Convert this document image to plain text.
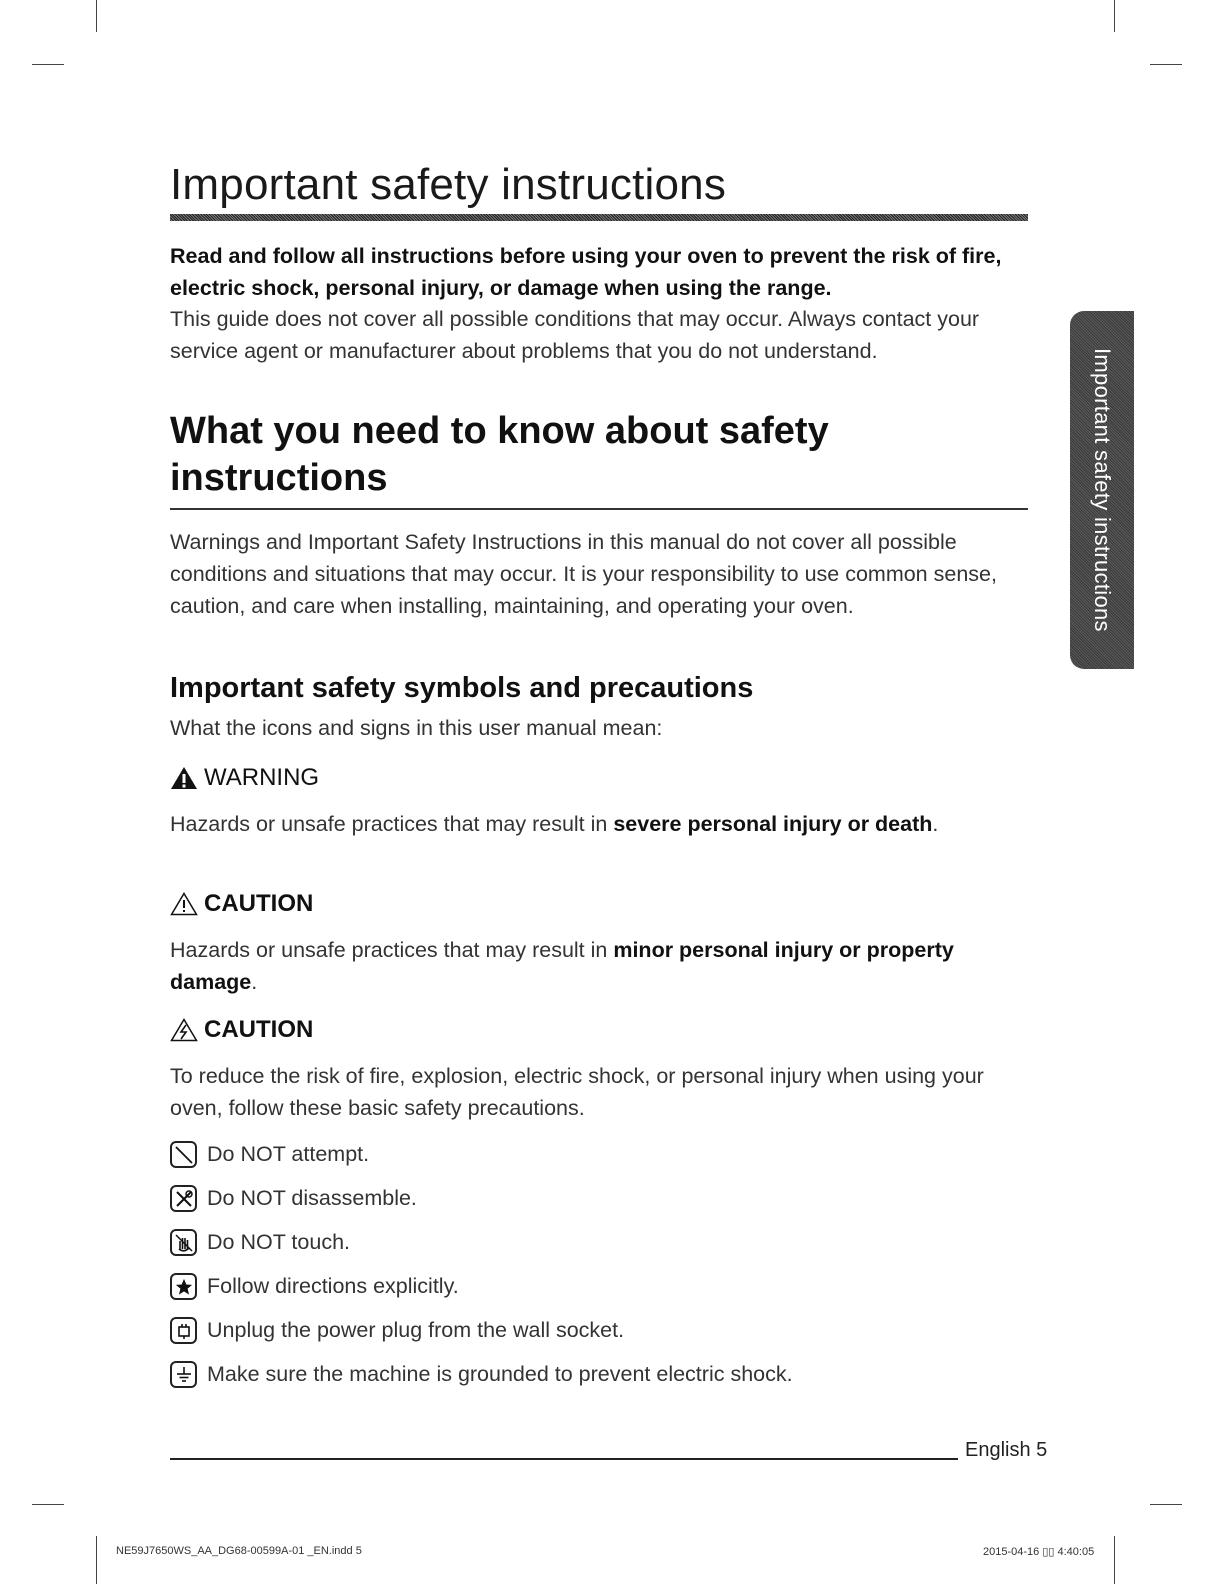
Important safety instructions

Read and follow all instructions before using your oven to prevent the risk of fire, electric shock, personal injury, or damage when using the range.

This guide does not cover all possible conditions that may occur. Always contact your service agent or manufacturer about problems that you do not understand.

What you need to know about safety instructions

Warnings and Important Safety Instructions in this manual do not cover all possible conditions and situations that may occur. It is your responsibility to use common sense, caution, and care when installing, maintaining, and operating your oven.

Important safety symbols and precautions

What the icons and signs in this user manual mean:

WARNING

Hazards or unsafe practices that may result in severe personal injury or death.

CAUTION

Hazards or unsafe practices that may result in minor personal injury or property damage.

CAUTION

To reduce the risk of fire, explosion, electric shock, or personal injury when using your oven, follow these basic safety precautions.

Do NOT attempt.
Do NOT disassemble.
Do NOT touch.
Follow directions explicitly.
Unplug the power plug from the wall socket.
Make sure the machine is grounded to prevent electric shock.
Important safety instructions
English 5
NE59J7650WS_AA_DG68-00599A-01 _EN.indd 5	2015-04-16 ▯▯ 4:40:05
